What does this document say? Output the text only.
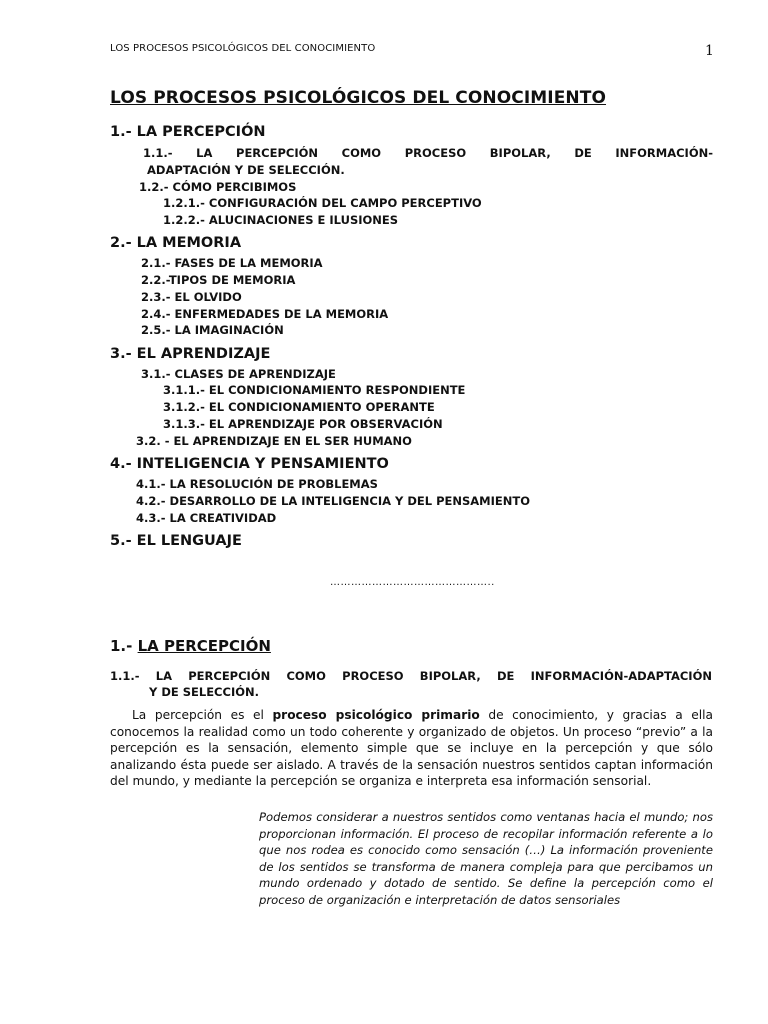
LOS PROCESOS PSICOLÓGICOS DEL CONOCIMIENTO	1
LOS PROCESOS PSICOLÓGICOS DEL CONOCIMIENTO
1.- LA PERCEPCIÓN
1.1.- LA PERCEPCIÓN COMO PROCESO BIPOLAR, DE INFORMACIÓN-
ADAPTACIÓN Y DE SELECCIÓN.
1.2.- CÓMO PERCIBIMOS
1.2.1.- CONFIGURACIÓN DEL CAMPO PERCEPTIVO
1.2.2.- ALUCINACIONES E ILUSIONES
2.- LA MEMORIA
2.1.- FASES DE LA MEMORIA
2.2.-TIPOS DE MEMORIA
2.3.- EL OLVIDO
2.4.- ENFERMEDADES DE LA MEMORIA
2.5.- LA IMAGINACIÓN
3.- EL APRENDIZAJE
3.1.- CLASES DE APRENDIZAJE
3.1.1.- EL CONDICIONAMIENTO RESPONDIENTE
3.1.2.- EL CONDICIONAMIENTO OPERANTE
3.1.3.- EL APRENDIZAJE POR OBSERVACIÓN
3.2. - EL APRENDIZAJE EN EL SER HUMANO
4.- INTELIGENCIA Y PENSAMIENTO
4.1.- LA RESOLUCIÓN DE PROBLEMAS
4.2.- DESARROLLO DE LA INTELIGENCIA Y DEL PENSAMIENTO
4.3.- LA CREATIVIDAD
5.- EL LENGUAJE
………………………………………..
1.- LA PERCEPCIÓN
1.1.- LA PERCEPCIÓN COMO PROCESO BIPOLAR, DE INFORMACIÓN-ADAPTACIÓN
Y DE SELECCIÓN.

La percepción es el proceso psicológico primario de conocimiento, y gracias a ella conocemos la realidad como un todo coherente y organizado de objetos. Un proceso “previo” a la percepción es la sensación, elemento simple que se incluye en la percepción y que sólo analizando ésta puede ser aislado. A través de la sensación nuestros sentidos captan información del mundo, y mediante la percepción se organiza e interpreta esa información sensorial.

Podemos considerar a nuestros sentidos como ventanas hacia el mundo; nos proporcionan información. El proceso de recopilar información referente a lo que nos rodea es conocido como sensación (…) La información proveniente de los sentidos se transforma de manera compleja para que percibamos un mundo ordenado y dotado de sentido. Se define la percepción como el proceso de organización e interpretación de datos sensoriales
